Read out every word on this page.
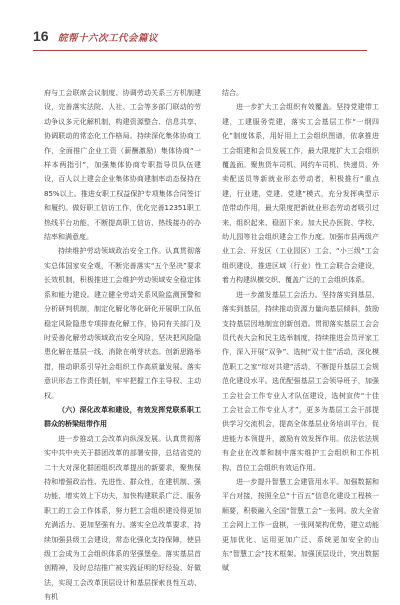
16 皖帮十六次工代会篇议

府与工会联席会议制度、协调劳动关系三方机制建设，完善落实法院、人社、工会等多部门联动的劳动争议多元化解机制，构建资源整合、信息共享、协调联动的常态化工作格局。持续深化集体协商工作，全面推广企业工资（薪酬激励）集体协商“一样本两指引”，加强集体协商专职指导员队伍建设，百人以上建会企业集体协商建制率动态保持在85%以上。推进女职工权益保护专项集体合同签订和履约。做好职工信访工作，优化完善12351职工热线平台功能，不断提高职工信访、热线接办的办结率和满意度。

持续维护劳动领域政治安全工作。认真贯彻落实总体国家安全观，不断完善落实“五个坚决”要求长效机制，积极推进工会维护劳动领域安全稳定体系和能力建设。建立健全劳动关系风险监测预警和分析研判机制，制定化解化等化研化开展职工队伍稳定风险隐患专项排查化解工作，协同有关部门及时妥善化解劳动领域政治安全风险，坚决把风险隐患化解在基层一线、消除在萌芽状态。创新思路举措，推动职系引导社会组织工作高质量发展。落实意识形态工作责任制，牢牢把握工作主导权、主动权。

（六）深化改革和建设，有效发挥党联系职工群众的桥梁纽带作用

进一步推动工会改革向纵深发展。认真贯彻落实中共中央关于群团改革的部署安排，总结省党的二十大对深化群团组织改革提出的新要求，聚焦保持和增强政治性、先进性、群众性，在建机制、强功能、增实效上下功夫，加快构建联系广泛、服务职工的工会工作体系，努力把工会组织建设得更加充满活力、更加坚强有力。落实全总改革要求，持续加强县级工会建设，常态化强化支持保障，使县级工会成为工会组织体系的坚强堡垒。落实基层首创精神，及时总结推广被实践证明的好经验、好做法，实现工会改革顶层设计和基层探索良性互动、有机

结合。

进一步扩大工会组织有效覆盖。坚持党建带工建，工建服务党建，落实工会基层工作“一纲四化”制度体系，用好用上工会组织图谱，依拿推进工会组建和会员发展工作，最大限度扩大工会组织覆盖面。聚焦货车司机、网约车司机、快递员、外卖配送员等新就业形态劳动者，积极推行“重点建，行业建，党建、党建”模式，充分发挥典型示范带动作用，最大限度把新就业形态劳动者吸引过来、组织起来、稳固下来。加大民办医院、学校、幼儿园等社会组织建会工作力度。加强市县两级产业工会、开发区（工业园区）工会、“小三级”工会组织建设，推进区域（行业）性工会联合会建设，着力构建纵横交织、覆盖广泛的工会组织体系。

进一步激发基层工会活力。坚持落实到基层，落实到基层，持续推动资源力量向基层倾斜，鼓励支持基层因地制宜创新创造。贯彻落实基层工会会员代表大会和民主选举制度，持续推进会员评家工作，深入开展“双争”、选树“双十佳”活动，深化模范职工之家“综对共建”活动，不断提升基层工会规范化建设水平。选优配强基层工会领导班子，加强工会社会工作专业人才队伍建设，选树宣传“十佳工会社会工作专业人才”，更多为基层工会干部提供学习交流机会，提高全体基层业务培训平台，促进能力本领提升，激励有效发挥作用。依法依法规有企业在改革和制中落实维护工会组织和工作机构、首位工会组织有效运作用。

进一步提升智慧工会建管用水平。加强数据和平台对接，按照全总“十百五”信息化建设工程核一顺要，积极融入全国“智慧工会”一张网。放大全省工会网上工作一盘棋，一张网架构优势，建立动能更加优化、运用更加广泛、系统更加安全的山东“智慧工会”技术框架。加强顶层设计，突出数据赋
